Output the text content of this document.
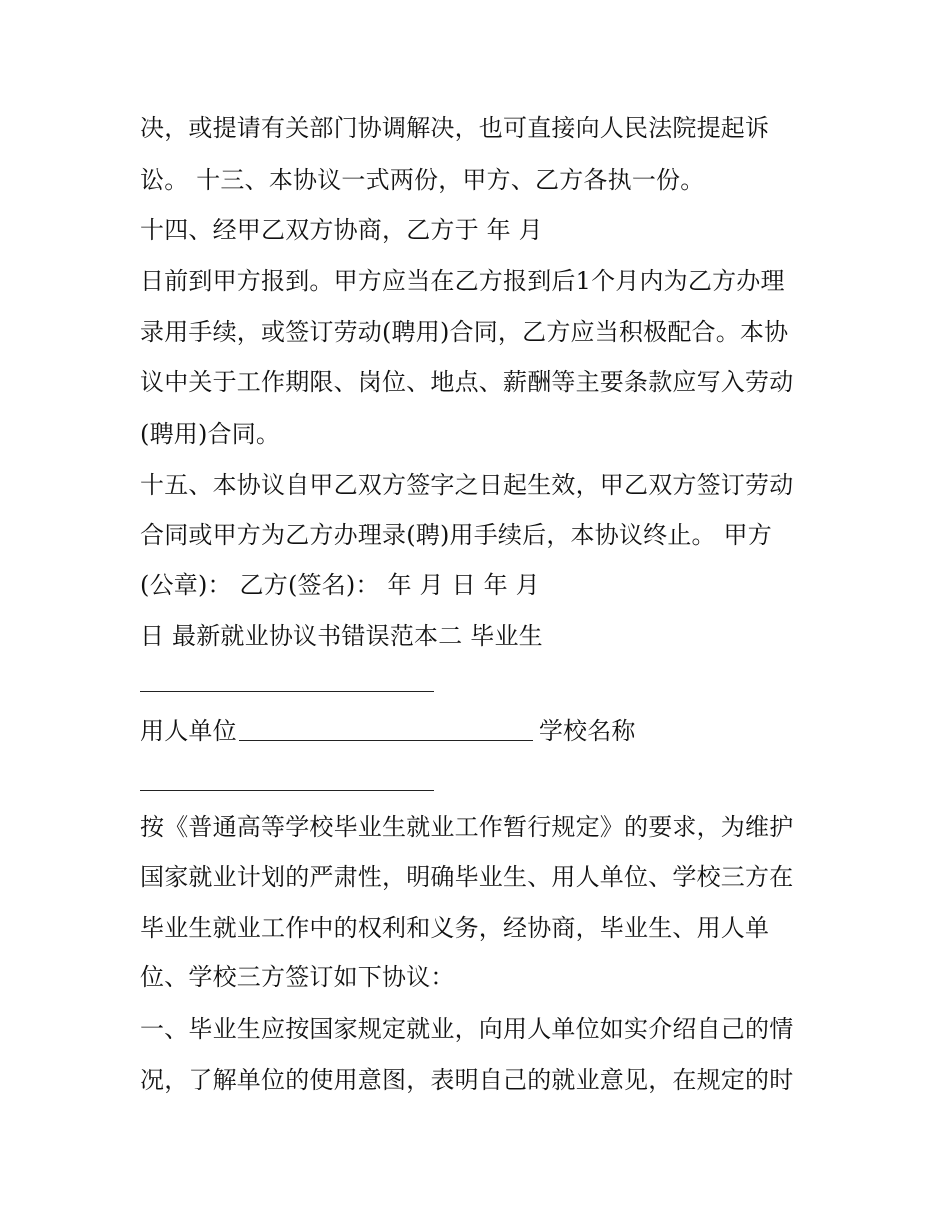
决，或提请有关部门协调解决，也可直接向人民法院提起诉
讼。 十三、本协议一式两份，甲方、乙方各执一份。
十四、经甲乙双方协商，乙方于 年 月
日前到甲方报到。甲方应当在乙方报到后1个月内为乙方办理
录用手续，或签订劳动(聘用)合同，乙方应当积极配合。本协
议中关于工作期限、岗位、地点、薪酬等主要条款应写入劳动
(聘用)合同。
十五、本协议自甲乙双方签字之日起生效，甲乙双方签订劳动
合同或甲方为乙方办理录(聘)用手续后，本协议终止。 甲方
(公章)： 乙方(签名)： 年 月 日 年 月
日 最新就业协议书错误范本二 毕业生
用人单位	学校名称
按《普通高等学校毕业生就业工作暂行规定》的要求，为维护
国家就业计划的严肃性，明确毕业生、用人单位、学校三方在
毕业生就业工作中的权利和义务，经协商，毕业生、用人单
位、学校三方签订如下协议：
一、毕业生应按国家规定就业，向用人单位如实介绍自己的情
况，了解单位的使用意图，表明自己的就业意见，在规定的时
